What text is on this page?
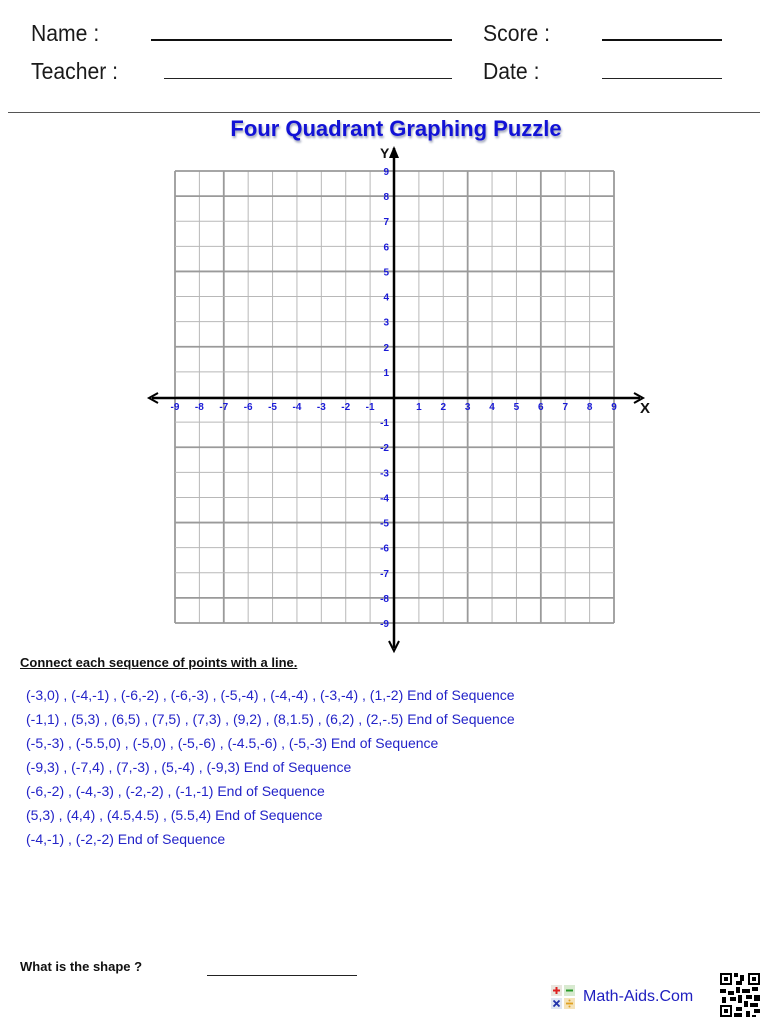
Name :	Score :
Teacher :	Date :
Four Quadrant Graphing Puzzle
X
Y
-9 -8 -7 -6 -5 -4 -3 -2 -1	1 2 3 4 5 6 7 8 9
9
8
7
6
5
4
3
2
1
-1
-2
-3
-4
-5
-6
-7
-8
-9
Connect each sequence of points with a line.
(-3,0) , (-4,-1) , (-6,-2) , (-6,-3) , (-5,-4) , (-4,-4) , (-3,-4) , (1,-2) End of Sequence
(-1,1) , (5,3) , (6,5) , (7,5) , (7,3) , (9,2) , (8,1.5) , (6,2) , (2,-.5) End of Sequence
(-5,-3) , (-5.5,0) , (-5,0) , (-5,-6) , (-4.5,-6) , (-5,-3) End of Sequence
(-9,3) , (-7,4) , (7,-3) , (5,-4) , (-9,3) End of Sequence
(-6,-2) , (-4,-3) , (-2,-2) , (-1,-1) End of Sequence
(5,3) , (4,4) , (4.5,4.5) , (5.5,4) End of Sequence
(-4,-1) , (-2,-2) End of Sequence
What is the shape ?
Math-Aids.Com
